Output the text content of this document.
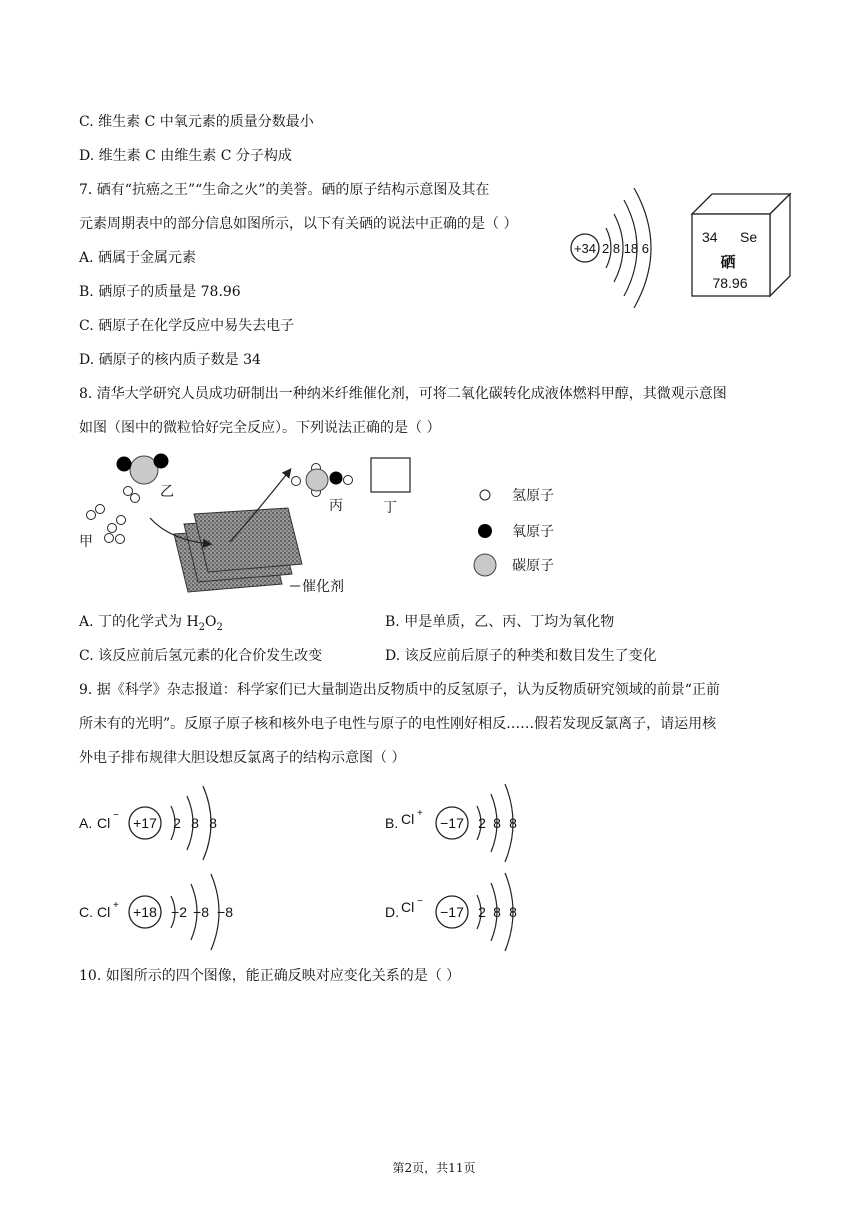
C. 维生素 C 中氧元素的质量分数最小
D. 维生素 C 由维生素 C 分子构成
7. 硒有“抗癌之王”“生命之火”的美誉。硒的原子结构示意图及其在
元素周期表中的部分信息如图所示，以下有关硒的说法中正确的是（ ）
A. 硒属于金属元素
B. 硒原子的质量是 78.96
C. 硒原子在化学反应中易失去电子
D. 硒原子的核内质子数是 34
+34 2 8 18 6
34 Se
硒
78.96
8. 清华大学研究人员成功研制出一种纳米纤维催化剂，可将二氧化碳转化成液体燃料甲醇，其微观示意图
如图（图中的微粒恰好完全反应）。下列说法正确的是（ ）
乙
甲
催化剂
丙	丁
氢原子
氧原子
碳原子
A. 丁的化学式为 $H_2O_2$	B. 甲是单质，乙、丙、丁均为氧化物
C. 该反应前后氢元素的化合价发生改变	D. 该反应前后原子的种类和数目发生了变化
9. 据《科学》杂志报道：科学家们已大量制造出反物质中的反氢原子，认为反物质研究领域的前景“正前
所未有的光明”。反原子原子核和核外电子电性与原子的电性刚好相反……假若发现反氯离子，请运用核
外电子排布规律大胆设想反氯离子的结构示意图（ ）
A. Cl − +17 2 8 8	B. Cl +
−17 2 8 8
C. Cl + +18 −2 −8 −8	D. Cl −
−17 2 8 8
10. 如图所示的四个图像，能正确反映对应变化关系的是（ ）
第2页，共11页
